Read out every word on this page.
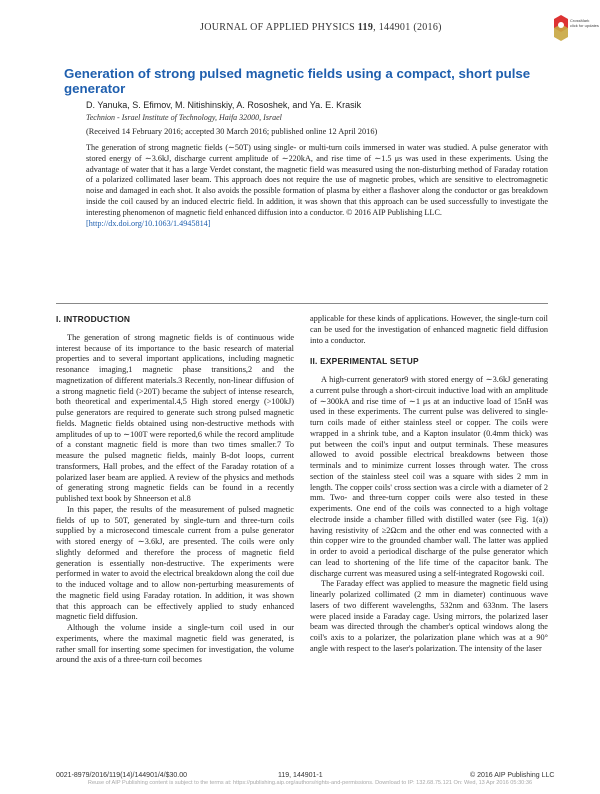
JOURNAL OF APPLIED PHYSICS 119, 144901 (2016)
CrossMark
click for updates
Generation of strong pulsed magnetic fields using a compact, short pulse generator
D. Yanuka, S. Efimov, M. Nitishinskiy, A. Rososhek, and Ya. E. Krasik
Technion - Israel Institute of Technology, Haifa 32000, Israel
(Received 14 February 2016; accepted 30 March 2016; published online 12 April 2016)
The generation of strong magnetic fields (∼50T) using single- or multi-turn coils immersed in water was studied. A pulse generator with stored energy of ∼3.6kJ, discharge current amplitude of ∼220kA, and rise time of ∼1.5 μs was used in these experiments. Using the advantage of water that it has a large Verdet constant, the magnetic field was measured using the non-disturbing method of Faraday rotation of a polarized collimated laser beam. This approach does not require the use of magnetic probes, which are sensitive to electromagnetic noise and damaged in each shot. It also avoids the possible formation of plasma by either a flashover along the conductor or gas breakdown inside the coil caused by an induced electric field. In addition, it was shown that this approach can be used successfully to investigate the interesting phenomenon of magnetic field enhanced diffusion into a conductor. © 2016 AIP Publishing LLC.
[http://dx.doi.org/10.1063/1.4945814]
I. INTRODUCTION

The generation of strong magnetic fields is of continuous wide interest because of its importance to the basic research of material properties and to several important applications, including magnetic resonance imaging,1 magnetic phase transitions,2 and the magnetization of different materials.3 Recently, non-linear diffusion of a strong magnetic field (>20T) became the subject of intense research, both theoretical and experimental.4,5 High stored energy (>100kJ) pulse generators are required to generate such strong pulsed magnetic fields. Magnetic fields obtained using non-destructive methods with amplitudes of up to ∼100T were reported,6 while the record amplitude of a constant magnetic field is more than two times smaller.7 To measure the pulsed magnetic fields, mainly B-dot loops, current transformers, Hall probes, and the effect of the Faraday rotation of a polarized laser beam are applied. A review of the physics and methods of generating strong magnetic fields can be found in a recently published text book by Shneerson et al.8

In this paper, the results of the measurement of pulsed magnetic fields of up to 50T, generated by single-turn and three-turn coils supplied by a microsecond timescale current from a pulse generator with stored energy of ∼3.6kJ, are presented. The coils were only slightly deformed and therefore the process of magnetic field generation is essentially non-destructive. The experiments were performed in water to avoid the electrical breakdown along the coil due to the induced voltage and to allow non-perturbing measurements of the magnetic field using Faraday rotation. In addition, it was shown that this approach can be effectively applied to study enhanced magnetic field diffusion.

Although the volume inside a single-turn coil used in our experiments, where the maximal magnetic field was generated, is rather small for inserting some specimen for investigation, the volume around the axis of a three-turn coil becomes

applicable for these kinds of applications. However, the single-turn coil can be used for the investigation of enhanced magnetic field diffusion into a conductor.

II. EXPERIMENTAL SETUP

A high-current generator9 with stored energy of ∼3.6kJ generating a current pulse through a short-circuit inductive load with an amplitude of ∼300kA and rise time of ∼1 μs at an inductive load of 15nH was used in these experiments. The current pulse was delivered to single-turn coils made of either stainless steel or copper. The coils were wrapped in a shrink tube, and a Kapton insulator (0.4mm thick) was put between the coil's input and output terminals. These measures allowed to avoid possible electrical breakdowns between those terminals and to minimize current losses through water. The cross section of the stainless steel coil was a square with sides 2 mm in length. The copper coils' cross section was a circle with a diameter of 2 mm. Two- and three-turn copper coils were also tested in these experiments. One end of the coils was connected to a high voltage electrode inside a chamber filled with distilled water (see Fig. 1(a)) having resistivity of ≥2Ωcm and the other end was connected with a thin copper wire to the grounded chamber wall. The latter was applied in order to avoid a periodical discharge of the pulse generator which can lead to shortening of the life time of the capacitor bank. The discharge current was measured using a self-integrated Rogowski coil.

The Faraday effect was applied to measure the magnetic field using linearly polarized collimated (2 mm in diameter) continuous wave lasers of two different wavelengths, 532nm and 633nm. The lasers were placed inside a Faraday cage. Using mirrors, the polarized laser beam was directed through the chamber's optical windows along the coil's axis to a polarizer, the polarization plane which was at a 90° angle with respect to the laser's polarization. The intensity of the laser

0021-8979/2016/119(14)/144901/4/$30.00	119, 144901-1	© 2016 AIP Publishing LLC
Reuse of AIP Publishing content is subject to the terms at: https://publishing.aip.org/authors/rights-and-permissions. Download to IP: 132.68.75.121 On: Wed, 13 Apr 2016 05:30:36
